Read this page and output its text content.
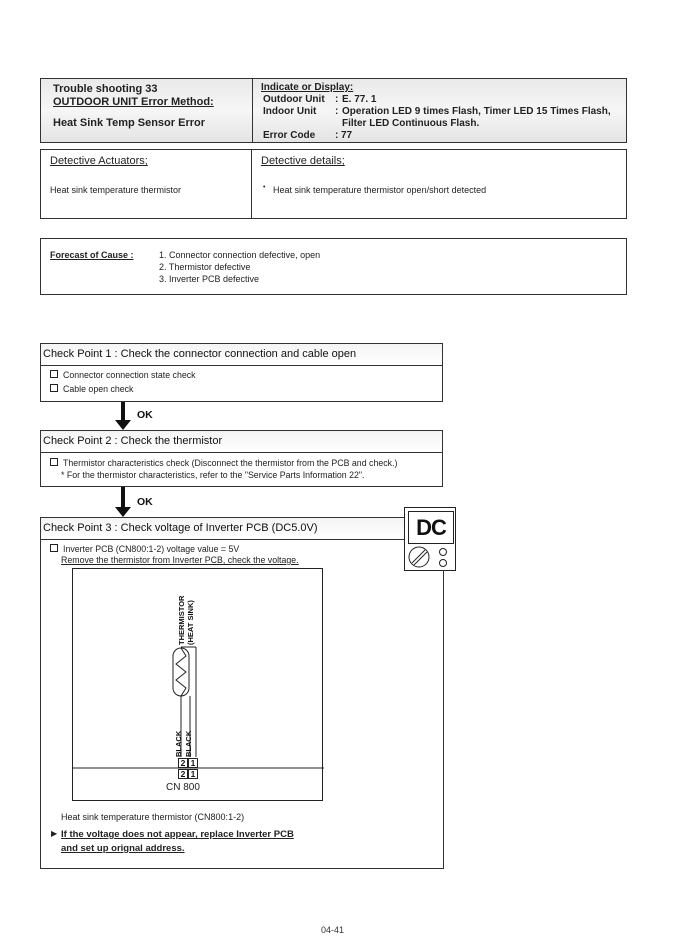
Trouble shooting 33
OUTDOOR UNIT Error Method:
Heat Sink Temp Sensor Error
Indicate or Display:
Outdoor Unit : E. 77. 1
Indoor Unit : Operation LED 9 times Flash, Timer LED 15 Times Flash,
Filter LED Continuous Flash.
Error Code : 77
Detective Actuators;
Heat sink temperature thermistor
Detective details;
• Heat sink temperature thermistor open/short detected
Forecast of Cause :	1. Connector connection defective, open
2. Thermistor defective
3. Inverter PCB defective
Check Point 1 : Check the connector connection and cable open
Connector connection state check
Cable open check
OK
Check Point 2 : Check the thermistor
Thermistor characteristics check (Disconnect the thermistor from the PCB and check.)
* For the thermistor characteristics, refer to the "Service Parts Information 22".
OK
Check Point 3 : Check voltage of Inverter PCB (DC5.0V)
Inverter PCB (CN800:1-2) voltage value = 5V
Remove the thermistor from Inverter PCB, check the voltage.
Heat sink temperature thermistor (CN800:1-2)
▶ If the voltage does not appear, replace Inverter PCB
and set up orignal address.
DC
THERMISTOR (HEAT SINK)
BLACK BLACK
2 1
2 1
CN 800
04-41
